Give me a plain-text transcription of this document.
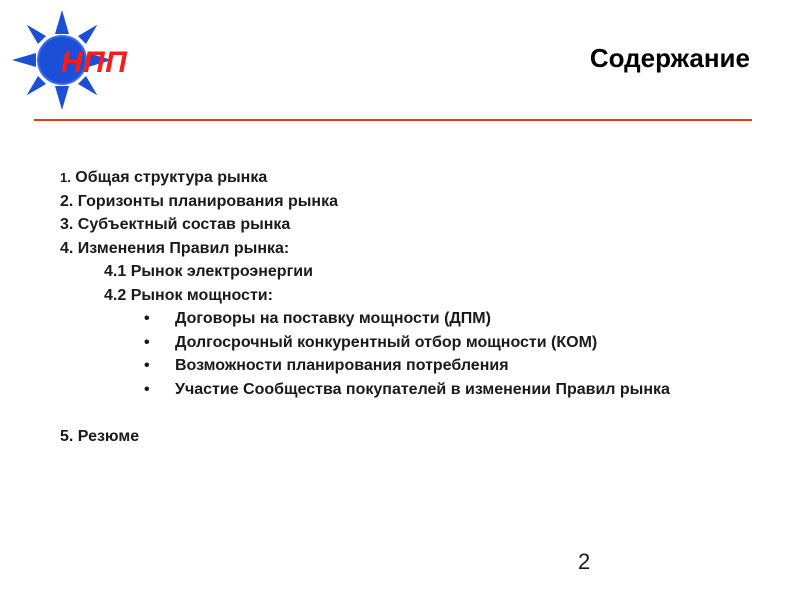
НПП	Содержание
1. Общая структура рынка
2. Горизонты планирования рынка
3. Субъектный состав рынка
4. Изменения Правил рынка:
4.1 Рынок электроэнергии
4.2 Рынок мощности:
• Договоры на поставку мощности (ДПМ)
• Долгосрочный конкурентный отбор мощности (КОМ)
• Возможности планирования потребления
• Участие Сообщества покупателей в изменении Правил рынка
5. Резюме
2
